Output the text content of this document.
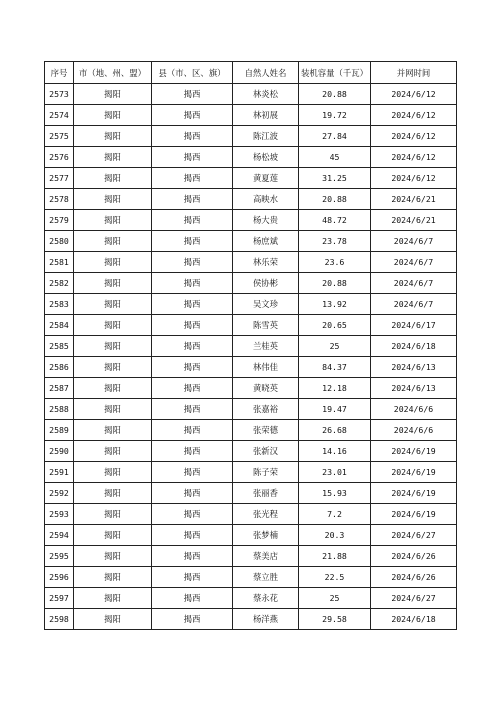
序号	市（地、州、盟）	县（市、区、旗）	自然人姓名	装机容量（千瓦）	并网时间
2573	揭阳	揭西	林炎松	20.88	2024/6/12
2574	揭阳	揭西	林初展	19.72	2024/6/12
2575	揭阳	揭西	陈江波	27.84	2024/6/12
2576	揭阳	揭西	杨松坡	45	2024/6/12
2577	揭阳	揭西	黄夏莲	31.25	2024/6/12
2578	揭阳	揭西	高映水	20.88	2024/6/21
2579	揭阳	揭西	杨大贵	48.72	2024/6/21
2580	揭阳	揭西	杨庶斌	23.78	2024/6/7
2581	揭阳	揭西	林乐荣	23.6	2024/6/7
2582	揭阳	揭西	侯协彬	20.88	2024/6/7
2583	揭阳	揭西	吴文珍	13.92	2024/6/7
2584	揭阳	揭西	陈雪英	20.65	2024/6/17
2585	揭阳	揭西	兰桂英	25	2024/6/18
2586	揭阳	揭西	林伟佳	84.37	2024/6/13
2587	揭阳	揭西	黄晓英	12.18	2024/6/13
2588	揭阳	揭西	张嘉裕	19.47	2024/6/6
2589	揭阳	揭西	张荣德	26.68	2024/6/6
2590	揭阳	揭西	张新汉	14.16	2024/6/19
2591	揭阳	揭西	陈子荣	23.01	2024/6/19
2592	揭阳	揭西	张丽香	15.93	2024/6/19
2593	揭阳	揭西	张光程	7.2	2024/6/19
2594	揭阳	揭西	张梦楠	20.3	2024/6/27
2595	揭阳	揭西	蔡美店	21.88	2024/6/26
2596	揭阳	揭西	蔡立胜	22.5	2024/6/26
2597	揭阳	揭西	蔡永花	25	2024/6/27
2598	揭阳	揭西	杨洋燕	29.58	2024/6/18
